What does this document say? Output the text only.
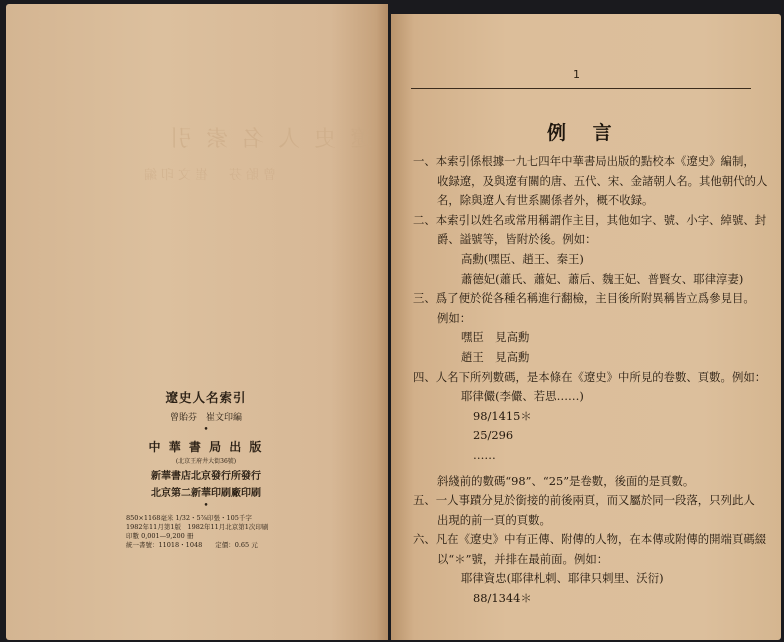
遼史人名索引
曾貽芬　崔文印編
遼史人名索引
曾貽芬　崔文印編
•
中 華 書 局 出 版
(北京王府井大街36號)
新華書店北京發行所發行
北京第二新華印刷廠印刷
•
850×1168毫米 1/32・5⅞印張・105千字
1982年11月第1版　1982年11月北京第1次印刷
印數 0,001—9,200 冊
統一書號：11018・1048　　定價：0.65 元
1
例 言
一、本索引係根據一九七四年中華書局出版的點校本《遼史》編制，
收録遼，及與遼有關的唐、五代、宋、金諸朝人名。其他朝代的人
名，除與遼人有世系關係者外，概不收録。
二、本索引以姓名或常用稱謂作主目，其他如字、號、小字、綽號、封
爵、謚號等，皆附於後。例如：
高勳(嘿臣、趙王、秦王)
蕭德妃(蕭氏、蕭妃、蕭后、魏王妃、普賢女、耶律淳妻)
三、爲了便於從各種名稱進行翻檢，主目後所附異稱皆立爲參見目。
例如：
嘿臣　見高勳
趙王　見高勳
四、人名下所列數碼，是本條在《遼史》中所見的卷數、頁數。例如：
耶律儼(李儼、若思……)
98/1415＊
25/296
……
斜綫前的數碼“98”、“25”是卷數，後面的是頁數。
五、一人事蹟分見於銜接的前後兩頁，而又屬於同一段落，只列此人
出現的前一頁的頁數。
六、凡在《遼史》中有正傳、附傳的人物，在本傳或附傳的開端頁碼綴
以“＊”號，并排在最前面。例如：
耶律資忠(耶律札剌、耶律只剌里、沃衍)
88/1344＊
